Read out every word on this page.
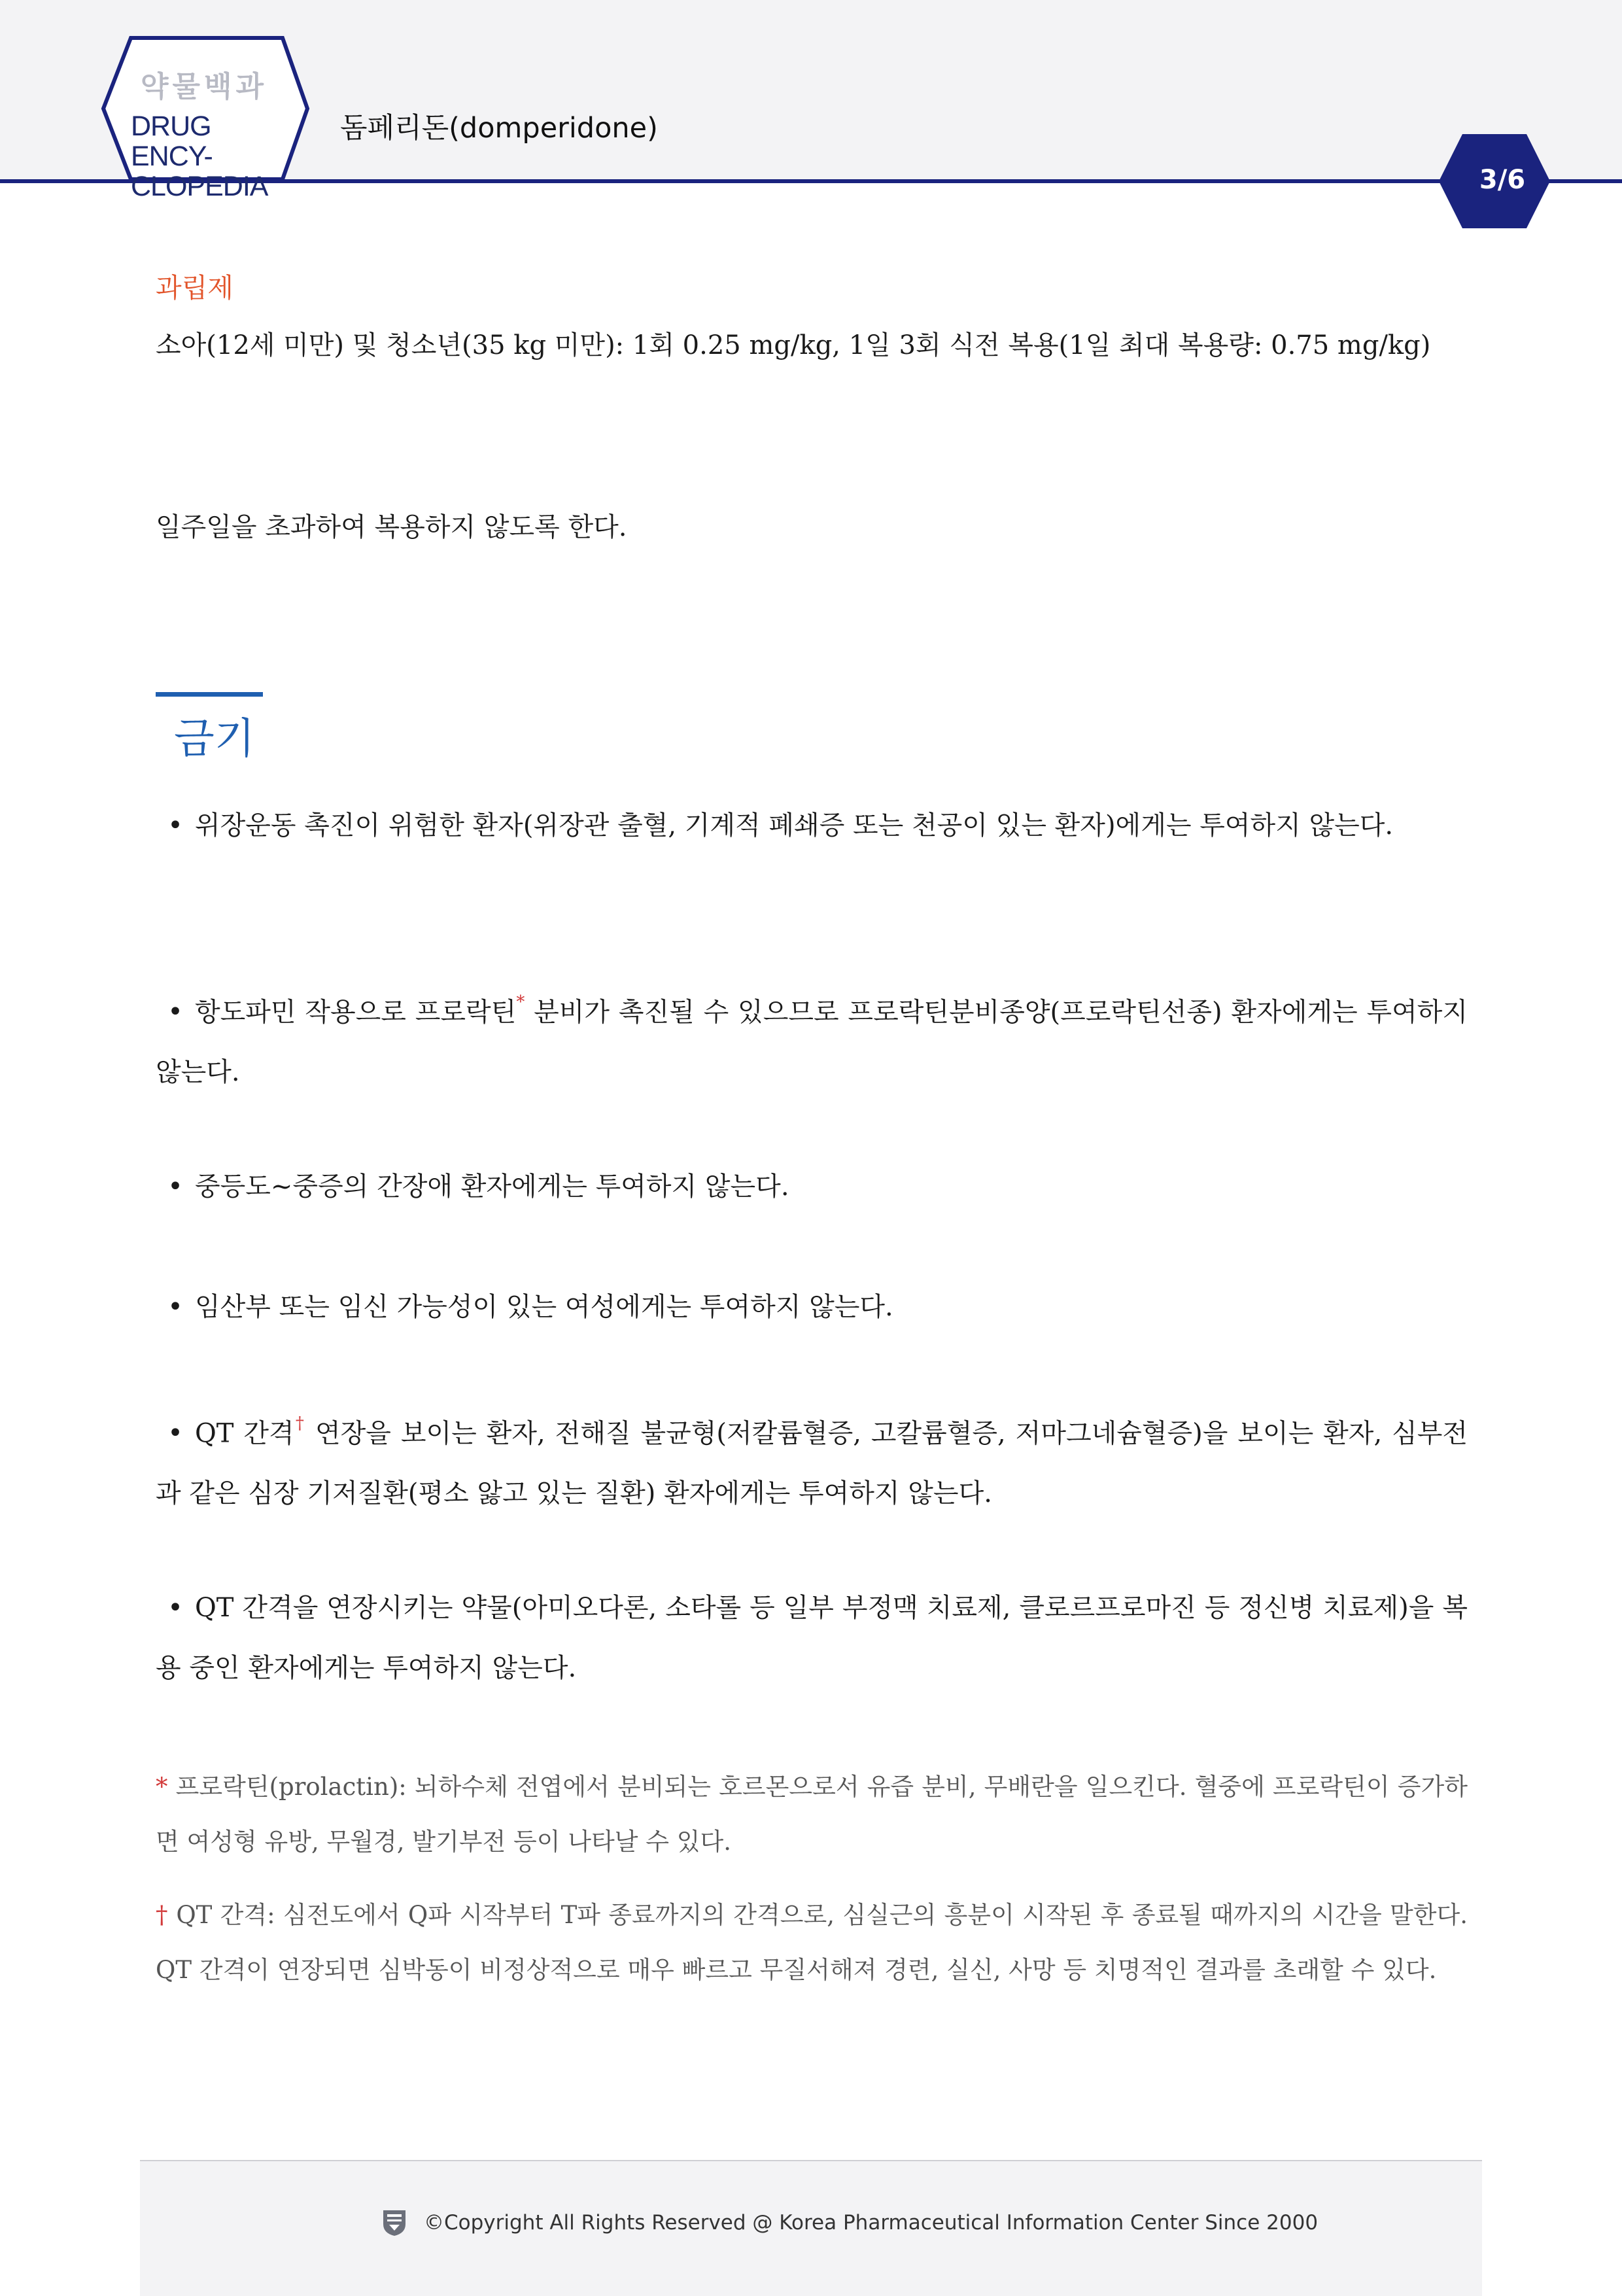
약물백과
DRUG ENCY-
CLOPEDIA
돔페리돈(domperidone)
3/6

과립제

소아(12세 미만) 및 청소년(35 kg 미만): 1회 0.25 mg/kg, 1일 3회 식전 복용(1일 최대 복용량: 0.75 mg/kg)

일주일을 초과하여 복용하지 않도록 한다.

금기

• 위장운동 촉진이 위험한 환자(위장관 출혈, 기계적 폐쇄증 또는 천공이 있는 환자)에게는 투여하지 않는다.

• 항도파민 작용으로 프로락틴* 분비가 촉진될 수 있으므로 프로락틴분비종양(프로락틴선종) 환자에게는 투여하지 않는다.

• 중등도~중증의 간장애 환자에게는 투여하지 않는다.

• 임산부 또는 임신 가능성이 있는 여성에게는 투여하지 않는다.

• QT 간격† 연장을 보이는 환자, 전해질 불균형(저칼륨혈증, 고칼륨혈증, 저마그네슘혈증)을 보이는 환자, 심부전과 같은 심장 기저질환(평소 앓고 있는 질환) 환자에게는 투여하지 않는다.

• QT 간격을 연장시키는 약물(아미오다론, 소타롤 등 일부 부정맥 치료제, 클로르프로마진 등 정신병 치료제)을 복용 중인 환자에게는 투여하지 않는다.

* 프로락틴(prolactin): 뇌하수체 전엽에서 분비되는 호르몬으로서 유즙 분비, 무배란을 일으킨다. 혈중에 프로락틴이 증가하면 여성형 유방, 무월경, 발기부전 등이 나타날 수 있다.

† QT 간격: 심전도에서 Q파 시작부터 T파 종료까지의 간격으로, 심실근의 흥분이 시작된 후 종료될 때까지의 시간을 말한다. QT 간격이 연장되면 심박동이 비정상적으로 매우 빠르고 무질서해져 경련, 실신, 사망 등 치명적인 결과를 초래할 수 있다.

©Copyright All Rights Reserved @ Korea Pharmaceutical Information Center Since 2000
